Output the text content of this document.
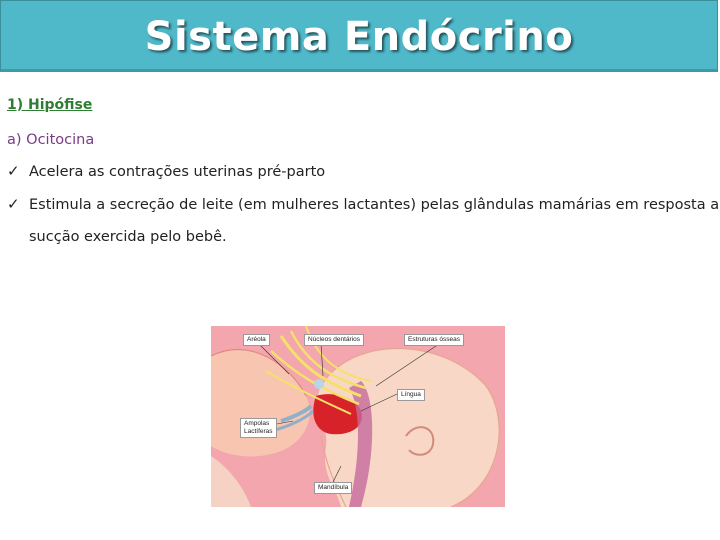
Sistema Endócrino
1) Hipófise
a) Ocitocina
✓ Acelera as contrações uterinas pré-parto
✓ Estimula a secreção de leite (em mulheres lactantes) pelas glândulas mamárias em resposta a
sucção exercida pelo bebê.
Aréola	Núcleos dentários	Estruturas ósseas
Língua
Ampolas
Lactíferas
Mandíbula
